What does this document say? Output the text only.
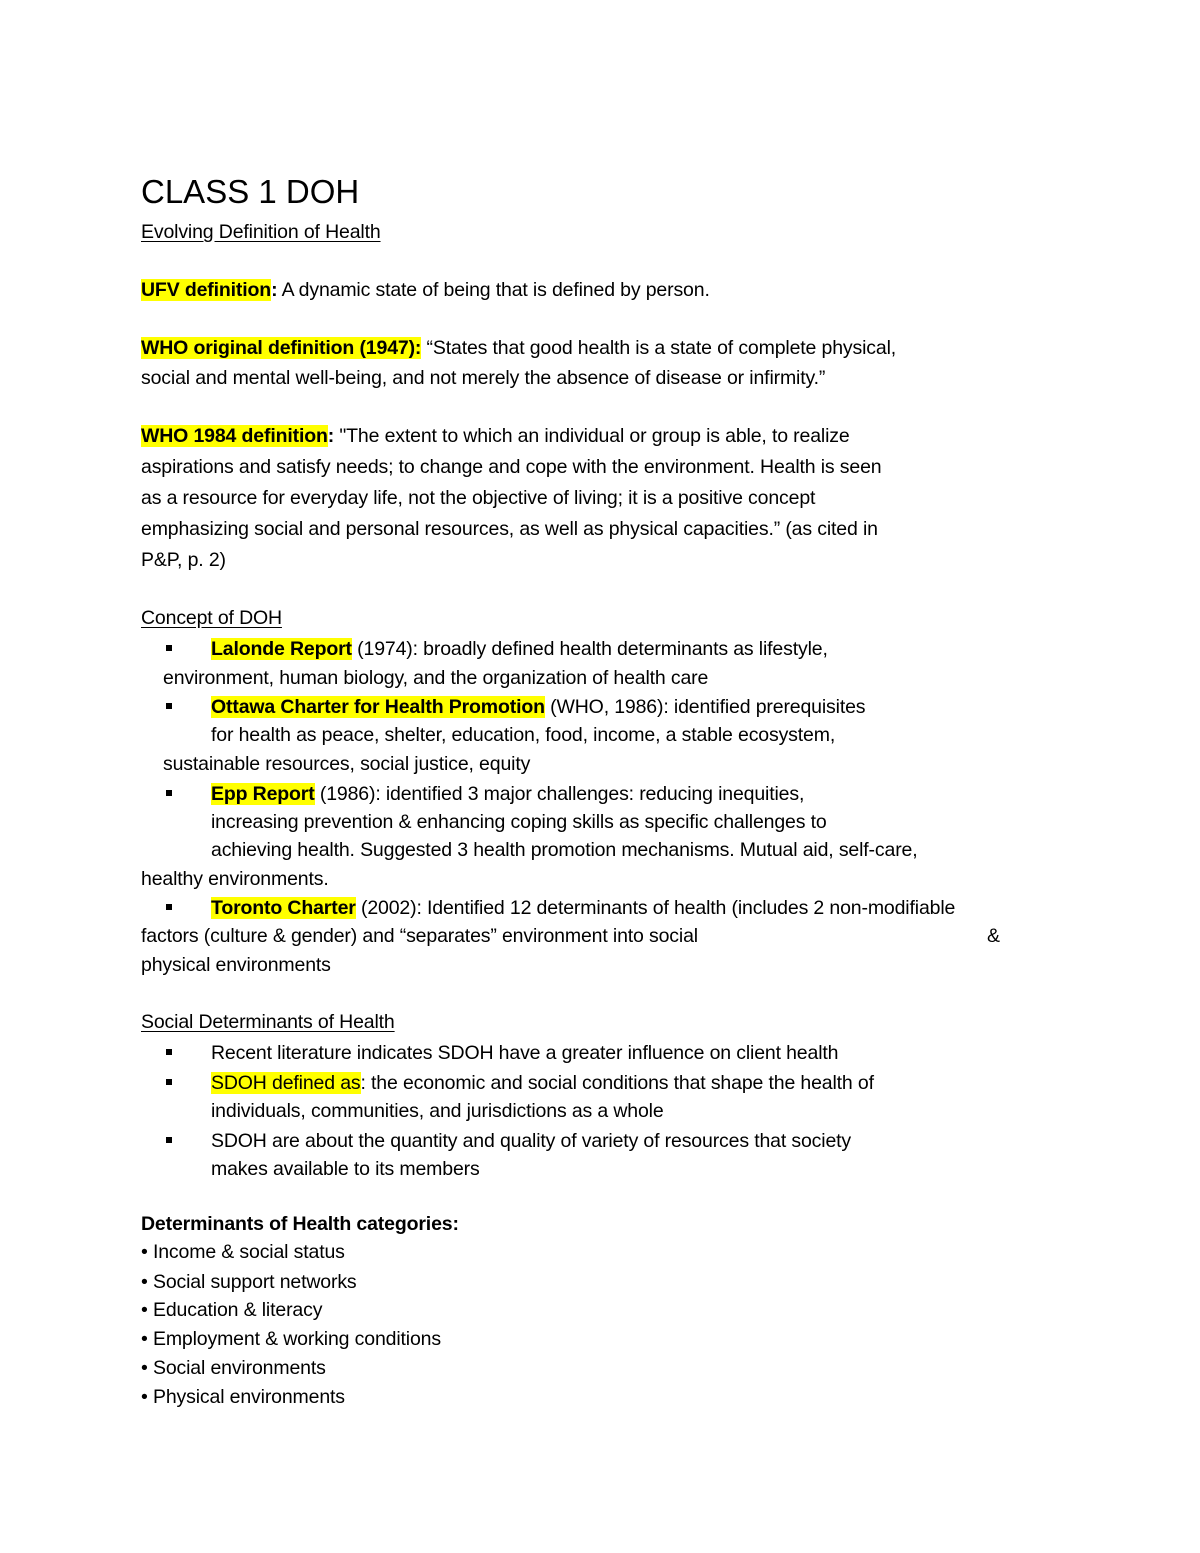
CLASS 1 DOH
Evolving Definition of Health
UFV definition: A dynamic state of being that is defined by person.
WHO original definition (1947): “States that good health is a state of complete physical,
social and mental well-being, and not merely the absence of disease or infirmity.”
WHO 1984 definition: "The extent to which an individual or group is able, to realize
aspirations and satisfy needs; to change and cope with the environment. Health is seen
as a resource for everyday life, not the objective of living; it is a positive concept
emphasizing social and personal resources, as well as physical capacities.” (as cited in
P&P, p. 2)
Concept of DOH
Lalonde Report (1974): broadly defined health determinants as lifestyle,
environment, human biology, and the organization of health care
Ottawa Charter for Health Promotion (WHO, 1986): identified prerequisites
for health as peace, shelter, education, food, income, a stable ecosystem,
sustainable resources, social justice, equity
Epp Report (1986): identified 3 major challenges: reducing inequities,
increasing prevention & enhancing coping skills as specific challenges to
achieving health. Suggested 3 health promotion mechanisms. Mutual aid, self-care,
healthy environments.
Toronto Charter (2002): Identified 12 determinants of health (includes 2 non-modifiable
factors (culture & gender) and “separates” environment into social	&
physical environments
Social Determinants of Health
Recent literature indicates SDOH have a greater influence on client health
SDOH defined as: the economic and social conditions that shape the health of
individuals, communities, and jurisdictions as a whole
SDOH are about the quantity and quality of variety of resources that society
makes available to its members
Determinants of Health categories:
• Income & social status
• Social support networks
• Education & literacy
• Employment & working conditions
• Social environments
• Physical environments
